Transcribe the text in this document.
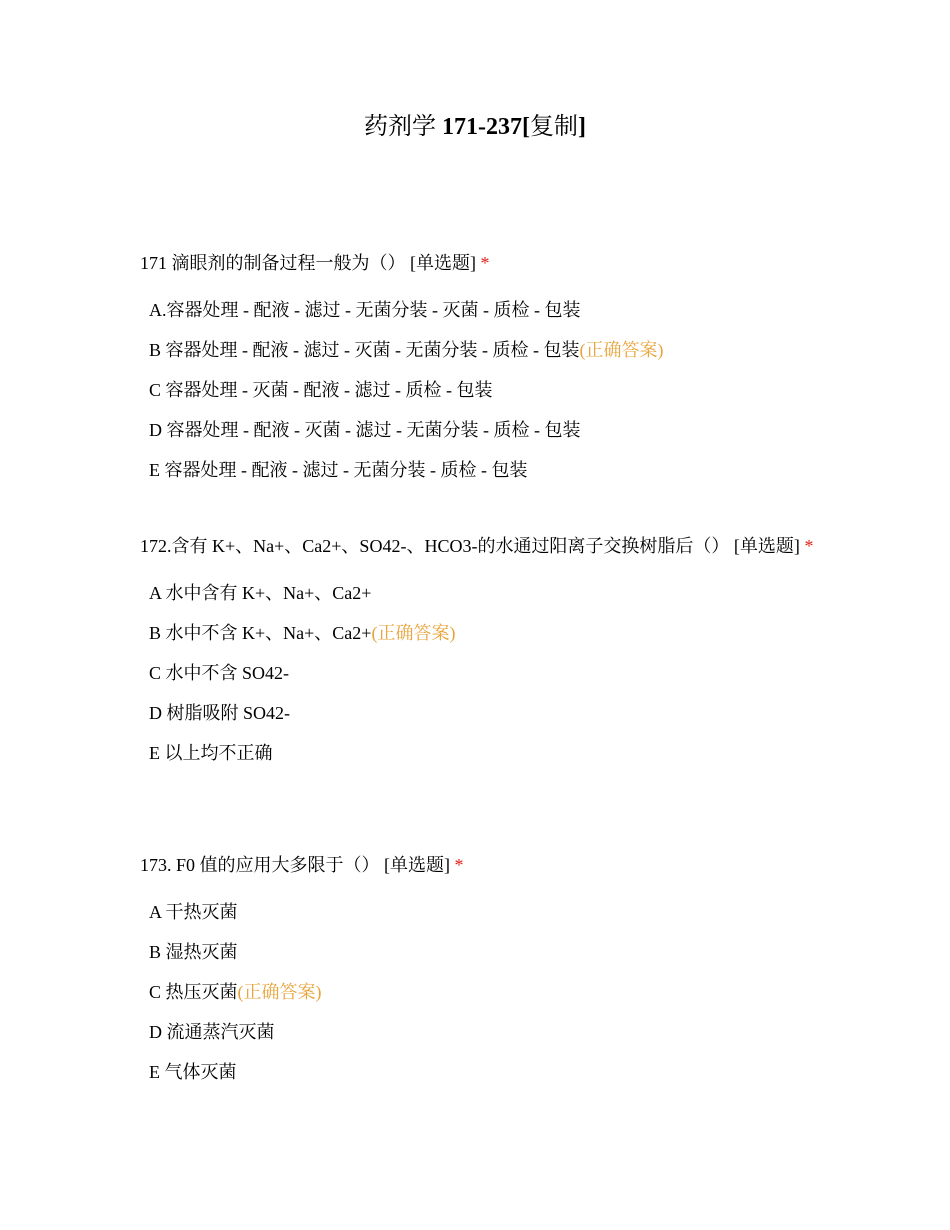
药剂学 171-237[复制]

171 滴眼剂的制备过程一般为（） [单选题] *

A.容器处理 - 配液 - 滤过 - 无菌分装 - 灭菌 - 质检 - 包装
B 容器处理 - 配液 - 滤过 - 灭菌 - 无菌分装 - 质检 - 包装(正确答案)
C 容器处理 - 灭菌 - 配液 - 滤过 - 质检 - 包装
D 容器处理 - 配液 - 灭菌 - 滤过 - 无菌分装 - 质检 - 包装
E 容器处理 - 配液 - 滤过 - 无菌分装 - 质检 - 包装

172.含有 K+、Na+、Ca2+、SO42-、HCO3-的水通过阳离子交换树脂后（） [单选题] *

A 水中含有 K+、Na+、Ca2+
B 水中不含 K+、Na+、Ca2+(正确答案)
C 水中不含 SO42-
D 树脂吸附 SO42-
E 以上均不正确

173. F0 值的应用大多限于（） [单选题] *

A 干热灭菌
B 湿热灭菌
C 热压灭菌(正确答案)
D 流通蒸汽灭菌
E 气体灭菌
